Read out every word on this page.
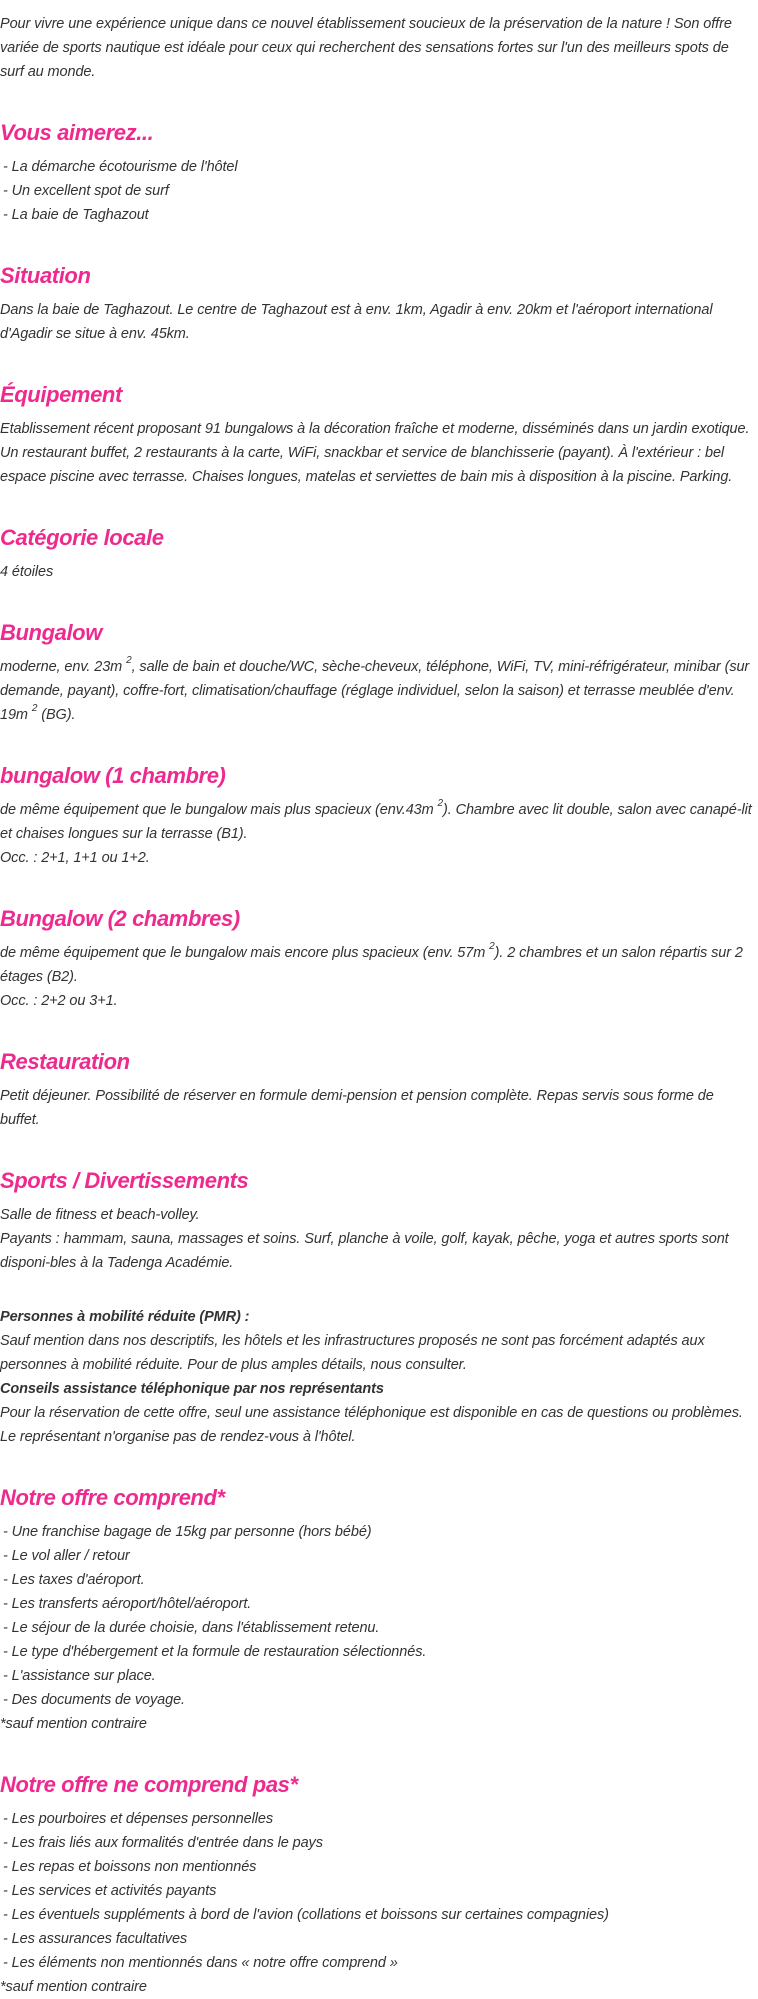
Pour vivre une expérience unique dans ce nouvel établissement soucieux de la préservation de la nature ! Son offre variée de sports nautique est idéale pour ceux qui recherchent des sensations fortes sur l'un des meilleurs spots de surf au monde.

Vous aimerez...
- La démarche écotourisme de l'hôtel
- Un excellent spot de surf
- La baie de Taghazout
Situation

Dans la baie de Taghazout. Le centre de Taghazout est à env. 1km, Agadir à env. 20km et l'aéroport international d'Agadir se situe à env. 45km.

Équipement

Etablissement récent proposant 91 bungalows à la décoration fraîche et moderne, disséminés dans un jardin exotique. Un restaurant buffet, 2 restaurants à la carte, WiFi, snackbar et service de blanchisserie (payant). À l'extérieur : bel espace piscine avec terrasse. Chaises longues, matelas et serviettes de bain mis à disposition à la piscine. Parking.

Catégorie locale

4 étoiles

Bungalow

moderne, env. 23m $^2$, salle de bain et douche/WC, sèche-cheveux, téléphone, WiFi, TV, mini-réfrigérateur, minibar (sur demande, payant), coffre-fort, climatisation/chauffage (réglage individuel, selon la saison) et terrasse meublée d'env. 19m $^2$ (BG).

bungalow (1 chambre)

de même équipement que le bungalow mais plus spacieux (env.43m $^2$). Chambre avec lit double, salon avec canapé-lit et chaises longues sur la terrasse (B1).

Occ. : 2+1, 1+1 ou 1+2.

Bungalow (2 chambres)

de même équipement que le bungalow mais encore plus spacieux (env. 57m $^2$). 2 chambres et un salon répartis sur 2 étages (B2).

Occ. : 2+2 ou 3+1.

Restauration

Petit déjeuner. Possibilité de réserver en formule demi-pension et pension complète. Repas servis sous forme de buffet.

Sports / Divertissements

Salle de fitness et beach-volley.

Payants : hammam, sauna, massages et soins. Surf, planche à voile, golf, kayak, pêche, yoga et autres sports sont disponi-bles à la Tadenga Académie.

Personnes à mobilité réduite (PMR) :

Sauf mention dans nos descriptifs, les hôtels et les infrastructures proposés ne sont pas forcément adaptés aux personnes à mobilité réduite. Pour de plus amples détails, nous consulter.

Conseils assistance téléphonique par nos représentants

Pour la réservation de cette offre, seul une assistance téléphonique est disponible en cas de questions ou problèmes. Le représentant n'organise pas de rendez-vous à l'hôtel.

Notre offre comprend*
- Une franchise bagage de 15kg par personne (hors bébé)
- Le vol aller / retour
- Les taxes d'aéroport.
- Les transferts aéroport/hôtel/aéroport.
- Le séjour de la durée choisie, dans l'établissement retenu.
- Le type d'hébergement et la formule de restauration sélectionnés.
- L'assistance sur place.
- Des documents de voyage.

*sauf mention contraire

Notre offre ne comprend pas*
- Les pourboires et dépenses personnelles
- Les frais liés aux formalités d'entrée dans le pays
- Les repas et boissons non mentionnés
- Les services et activités payants
- Les éventuels suppléments à bord de l'avion (collations et boissons sur certaines compagnies)
- Les assurances facultatives
- Les éléments non mentionnés dans « notre offre comprend »

*sauf mention contraire
